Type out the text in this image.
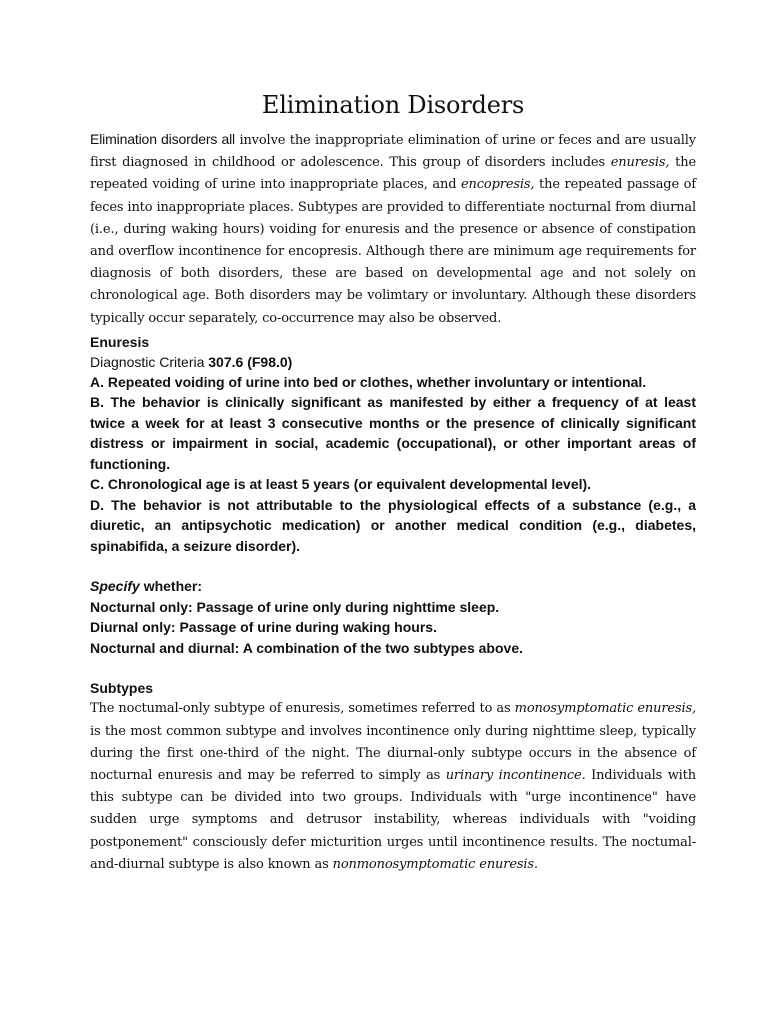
Elimination Disorders

Elimination disorders all involve the inappropriate elimination of urine or feces and are usually first diagnosed in childhood or adolescence. This group of disorders includes enuresis, the repeated voiding of urine into inappropriate places, and encopresis, the repeated passage of feces into inappropriate places. Subtypes are provided to differentiate nocturnal from diurnal (i.e., during waking hours) voiding for enuresis and the presence or absence of constipation and overflow incontinence for encopresis. Although there are minimum age requirements for diagnosis of both disorders, these are based on developmental age and not solely on chronological age. Both disorders may be volimtary or involuntary. Although these disorders typically occur separately, co-occurrence may also be observed.

Enuresis

Diagnostic Criteria 307.6 (F98.0)

A. Repeated voiding of urine into bed or clothes, whether involuntary or intentional.

B. The behavior is clinically significant as manifested by either a frequency of at least twice a week for at least 3 consecutive months or the presence of clinically significant distress or impairment in social, academic (occupational), or other important areas of functioning.

C. Chronological age is at least 5 years (or equivalent developmental level).

D. The behavior is not attributable to the physiological effects of a substance (e.g., a diuretic, an antipsychotic medication) or another medical condition (e.g., diabetes, spinabifida, a seizure disorder).

Specify whether:

Nocturnal only: Passage of urine only during nighttime sleep.

Diurnal only: Passage of urine during waking hours.

Nocturnal and diurnal: A combination of the two subtypes above.

Subtypes

The noctumal-only subtype of enuresis, sometimes referred to as monosymptomatic enuresis, is the most common subtype and involves incontinence only during nighttime sleep, typically during the first one-third of the night. The diurnal-only subtype occurs in the absence of nocturnal enuresis and may be referred to simply as urinary incontinence. Individuals with this subtype can be divided into two groups. Individuals with "urge incontinence" have sudden urge symptoms and detrusor instability, whereas individuals with "voiding postponement" consciously defer micturition urges until incontinence results. The noctumal-and-diurnal subtype is also known as nonmonosymptomatic enuresis.
